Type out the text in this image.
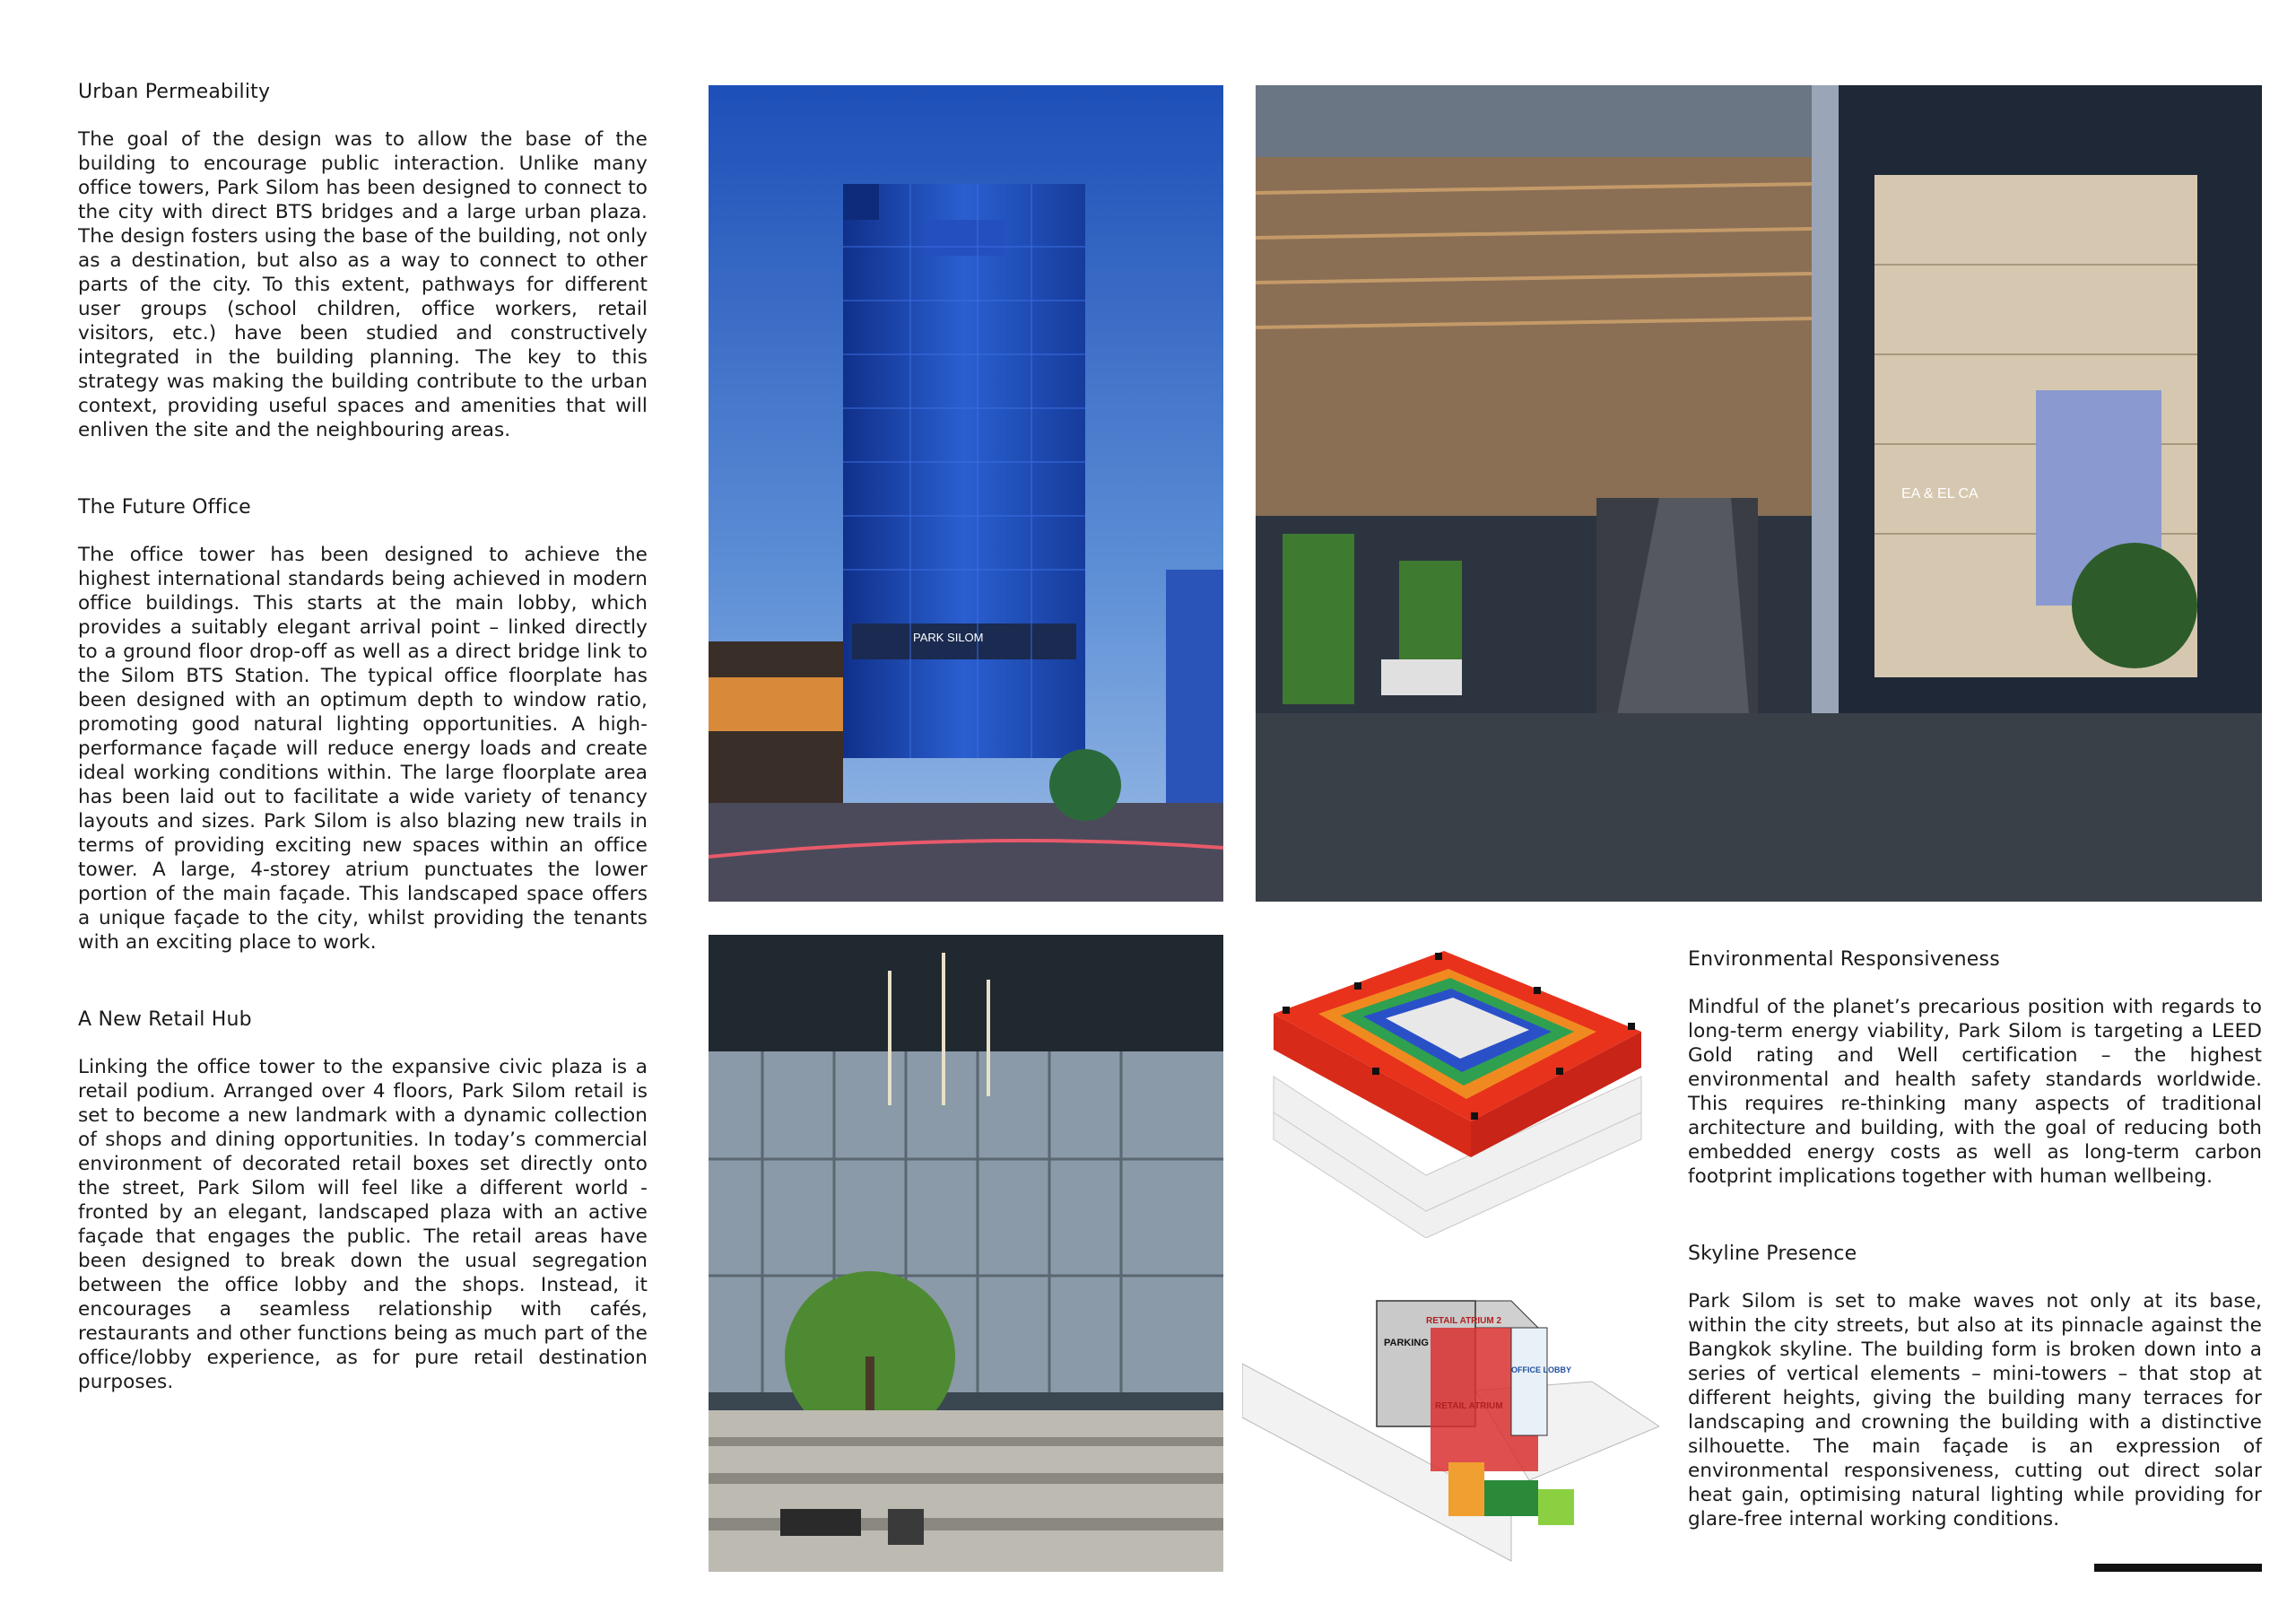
Urban Permeability

The goal of the design was to allow the base of the building to encourage public interaction. Unlike many office towers, Park Silom has been designed to connect to the city with direct BTS bridges and a large urban plaza. The design fosters using the base of the building, not only as a destination, but also as a way to connect to other parts of the city. To this extent, pathways for different user groups (school children, office workers, retail visitors, etc.) have been studied and constructively integrated in the building planning. The key to this strategy was making the building contribute to the urban context, providing useful spaces and amenities that will enliven the site and the neighbouring areas.

The Future Office

The office tower has been designed to achieve the highest international standards being achieved in modern office buildings. This starts at the main lobby, which provides a suitably elegant arrival point – linked directly to a ground floor drop-off as well as a direct bridge link to the Silom BTS Station. The typical office floorplate has been designed with an optimum depth to window ratio, promoting good natural lighting opportunities. A high-performance façade will reduce energy loads and create ideal working conditions within. The large floorplate area has been laid out to facilitate a wide variety of tenancy layouts and sizes. Park Silom is also blazing new trails in terms of providing exciting new spaces within an office tower. A large, 4-storey atrium punctuates the lower portion of the main façade. This landscaped space offers a unique façade to the city, whilst providing the tenants with an exciting place to work.

A New Retail Hub

Linking the office tower to the expansive civic plaza is a retail podium. Arranged over 4 floors, Park Silom retail is set to become a new landmark with a dynamic collection of shops and dining opportunities. In today’s commercial environment of decorated retail boxes set directly onto the street, Park Silom will feel like a different world - fronted by an elegant, landscaped plaza with an active façade that engages the public. The retail areas have been designed to break down the usual segregation between the office lobby and the shops. Instead, it encourages a seamless relationship with cafés, restaurants and other functions being as much part of the office/lobby experience, as for pure retail destination purposes.

PARK SILOM
EA & EL CA
PARKING
RETAIL ATRIUM 2
RETAIL ATRIUM
OFFICE LOBBY
Environmental Responsiveness

Mindful of the planet’s precarious position with regards to long-term energy viability, Park Silom is targeting a LEED Gold rating and Well certification – the highest environmental and health safety standards worldwide. This requires re-thinking many aspects of traditional architecture and building, with the goal of reducing both embedded energy costs as well as long-term carbon footprint implications together with human wellbeing.

Skyline Presence

Park Silom is set to make waves not only at its base, within the city streets, but also at its pinnacle against the Bangkok skyline. The building form is broken down into a series of vertical elements – mini-towers – that stop at different heights, giving the building many terraces for landscaping and crowning the building with a distinctive silhouette. The main façade is an expression of environmental responsiveness, cutting out direct solar heat gain, optimising natural lighting while providing for glare-free internal working conditions.
